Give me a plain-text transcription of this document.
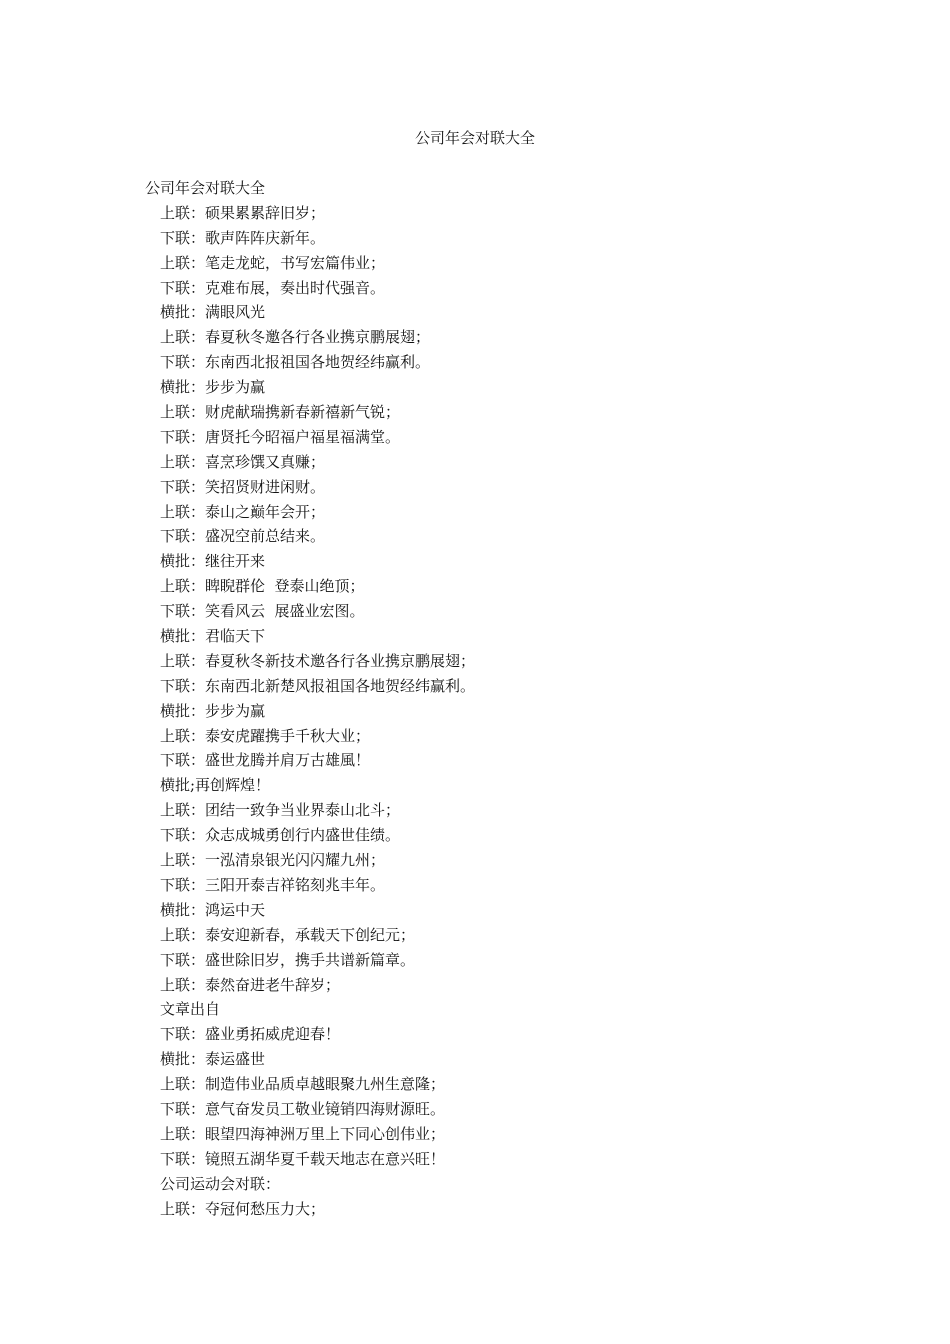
公司年会对联大全
公司年会对联大全
上联：硕果累累辞旧岁；
下联：歌声阵阵庆新年。
上联：笔走龙蛇，书写宏篇伟业；
下联：克难布展，奏出时代强音。
横批：满眼风光
上联：春夏秋冬邀各行各业携京鹏展翅；
下联：东南西北报祖国各地贺经纬赢利。
横批：步步为赢
上联：财虎献瑞携新春新禧新气锐；
下联：唐贤托今昭福户福星福满堂。
上联：喜烹珍馔又真赚；
下联：笑招贤财进闲财。
上联：泰山之巅年会开；
下联：盛况空前总结来。
横批：继往开来
上联：睥睨群伦  登泰山绝顶；
下联：笑看风云  展盛业宏图。
横批：君临天下
上联：春夏秋冬新技术邀各行各业携京鹏展翅；
下联：东南西北新楚风报祖国各地贺经纬赢利。
横批：步步为赢
上联：泰安虎躍携手千秋大业；
下联：盛世龙腾并肩万古雄風！
横批;再创辉煌！
上联：团结一致争当业界泰山北斗；
下联：众志成城勇创行内盛世佳绩。
上联：一泓清泉银光闪闪耀九州；
下联：三阳开泰吉祥铭刻兆丰年。
横批：鸿运中天
上联：泰安迎新春，承载天下创纪元；
下联：盛世除旧岁，携手共谱新篇章。
上联：泰然奋进老牛辞岁；
文章出自
下联：盛业勇拓威虎迎春！
横批：泰运盛世
上联：制造伟业品质卓越眼聚九州生意隆；
下联：意气奋发员工敬业镜销四海财源旺。
上联：眼望四海神洲万里上下同心创伟业；
下联：镜照五湖华夏千载天地志在意兴旺！
公司运动会对联：
上联：夺冠何愁压力大；
